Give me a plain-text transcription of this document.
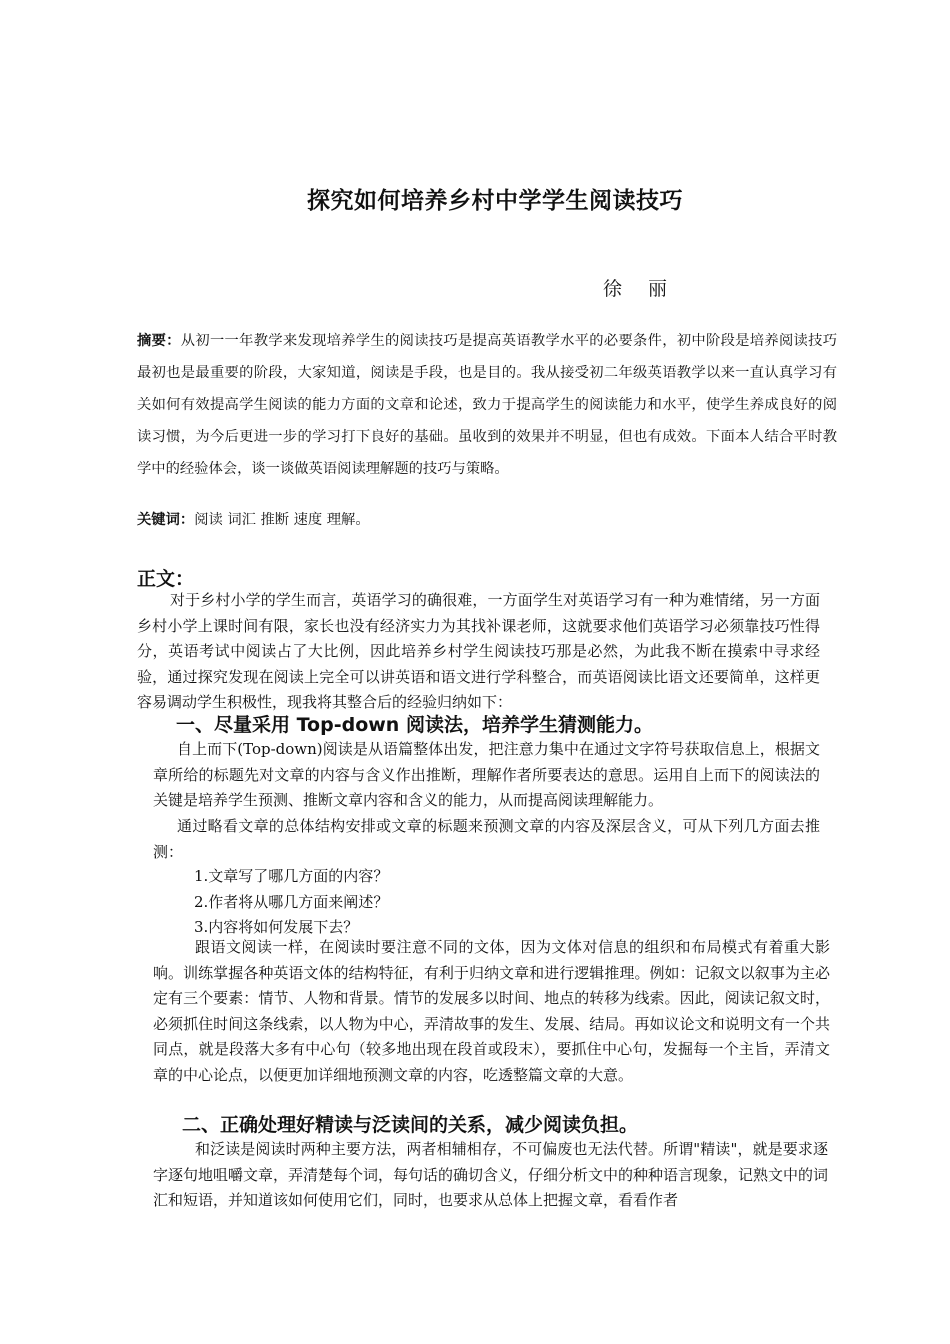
探究如何培养乡村中学学生阅读技巧
徐 丽
摘要：从初一一年教学来发现培养学生的阅读技巧是提高英语教学水平的必要条件，初中阶段是培养阅读技巧最初也是最重要的阶段，大家知道，阅读是手段，也是目的。我从接受初二年级英语教学以来一直认真学习有关如何有效提高学生阅读的能力方面的文章和论述，致力于提高学生的阅读能力和水平，使学生养成良好的阅读习惯，为今后更进一步的学习打下良好的基础。虽收到的效果并不明显，但也有成效。下面本人结合平时教学中的经验体会，谈一谈做英语阅读理解题的技巧与策略。
关键词：阅读 词汇 推断 速度 理解。
正文：

对于乡村小学的学生而言，英语学习的确很难，一方面学生对英语学习有一种为难情绪，另一方面乡村小学上课时间有限，家长也没有经济实力为其找补课老师，这就要求他们英语学习必须靠技巧性得分，英语考试中阅读占了大比例，因此培养乡村学生阅读技巧那是必然，为此我不断在摸索中寻求经验，通过探究发现在阅读上完全可以讲英语和语文进行学科整合，而英语阅读比语文还要简单，这样更容易调动学生积极性，现我将其整合后的经验归纳如下：

一、尽量采用 Top-down 阅读法，培养学生猜测能力。

自上而下(Top-down)阅读是从语篇整体出发，把注意力集中在通过文字符号获取信息上，根据文章所给的标题先对文章的内容与含义作出推断，理解作者所要表达的意思。运用自上而下的阅读法的关键是培养学生预测、推断文章内容和含义的能力，从而提高阅读理解能力。

通过略看文章的总体结构安排或文章的标题来预测文章的内容及深层含义，可从下列几方面去推测：

1.文章写了哪几方面的内容？
2.作者将从哪几方面来阐述？
3.内容将如何发展下去？

跟语文阅读一样，在阅读时要注意不同的文体，因为文体对信息的组织和布局模式有着重大影响。训练掌握各种英语文体的结构特征，有利于归纳文章和进行逻辑推理。例如：记叙文以叙事为主必定有三个要素：情节、人物和背景。情节的发展多以时间、地点的转移为线索。因此，阅读记叙文时，必须抓住时间这条线索，以人物为中心，弄清故事的发生、发展、结局。再如议论文和说明文有一个共同点，就是段落大多有中心句（较多地出现在段首或段末），要抓住中心句，发掘每一个主旨，弄清文章的中心论点，以便更加详细地预测文章的内容，吃透整篇文章的大意。

二、正确处理好精读与泛读间的关系，减少阅读负担。

和泛读是阅读时两种主要方法，两者相辅相存，不可偏废也无法代替。所谓"精读"，就是要求逐字逐句地咀嚼文章，弄清楚每个词，每句话的确切含义，仔细分析文中的种种语言现象，记熟文中的词汇和短语，并知道该如何使用它们，同时，也要求从总体上把握文章，看看作者
